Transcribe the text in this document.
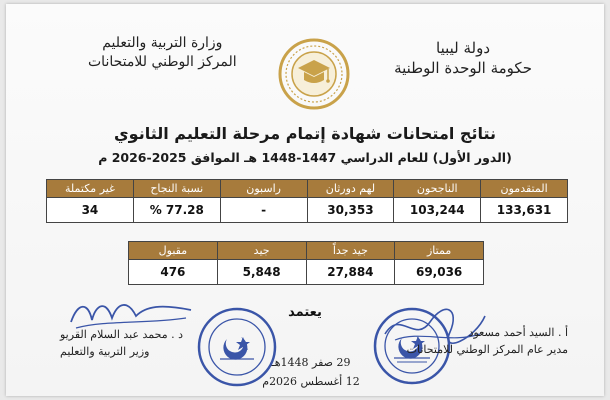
دولة ليبيا
حكومة الوحدة الوطنية
وزارة التربية والتعليم
المركز الوطني للامتحانات
نتائج امتحانات شهادة إتمام مرحلة التعليم الثانوي
(الدور الأول) للعام الدراسي 1447-1448 هـ الموافق 2025-2026 م
المتقدمون	الناجحون	لهم دورثان	راسبون	نسبة النجاح	غير مكتملة
133,631	103,244	30,353	-	77.28 %	34
ممتاز	جيد جداً	جيد	مقبول
69,036	27,884	5,848	476
يعتمد
29 صفر 1448هـ
12 أغسطس 2026م
أ . السيد أحمد مسعود
مدير عام المركز الوطني للامتحانات
د . محمد عبد السلام القريو
وزير التربية والتعليم
